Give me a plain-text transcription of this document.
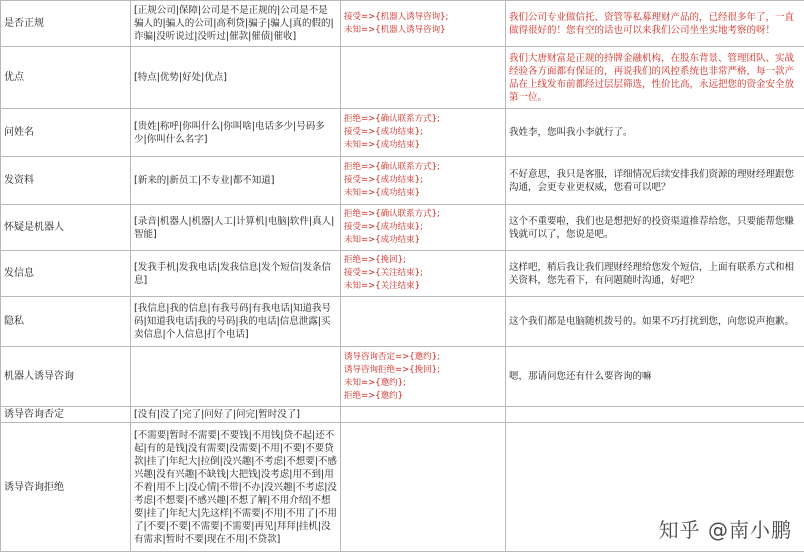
是否正规	[正规公司|保障|公司是不是正规的|公司是不是骗人的|骗人的公司|高利贷|骗子|骗人|真的假的|诈骗|没听说过|没听过|催款|催债|催收]	接受=>{机器人诱导咨询};
未知=>{机器人诱导咨询}	我们公司专业做信托、资管等私募理财产品的，已经很多年了，一直做得很好的！您有空的话也可以来我们公司坐坐实地考察的呀！
优点	[特点|优势|好处|优点]		我们大唐财富是正规的持牌金融机构，在股东背景、管理团队、实战经验各方面都有保证的，再说我们的风控系统也非常严格，每一款产品在上线发布前都经过层层筛选，性价比高，永远把您的资金安全放第一位。
问姓名	[贵姓|称呼|你叫什么|你叫啥|电话多少|号码多少|你叫什么名字]	拒绝=>{确认联系方式};
接受=>{成功结束};
未知=>{成功结束}	我姓李，您叫我小李就行了。
发资料	[新来的|新员工|不专业|都不知道]	拒绝=>{确认联系方式};
接受=>{成功结束};
未知=>{成功结束}	不好意思，我只是客服，详细情况后续安排我们资源的理财经理跟您沟通，会更专业更权威，您看可以吧？
怀疑是机器人	[录音|机器人|机器|人工|计算机|电脑|软件|真人|智能]	拒绝=>{确认联系方式};
接受=>{成功结束};
未知=>{成功结束}	这个不重要啦，我们也是想把好的投资渠道推荐给您，只要能帮您赚钱就可以了，您说是吧。
发信息	[发我手机|发我电话|发我信息|发个短信|发条信息]	拒绝=>{挽回};
接受=>{关注结束};
未知=>{关注结束}	这样吧，稍后我让我们理财经理给您发个短信，上面有联系方式和相关资料，您先看下，有问题随时沟通，好吧？
隐私	[我信息|我的信息|有我号码|有我电话|知道我号码|知道我电话|我的号码|我的电话|信息泄露|买卖信息|个人信息|打个电话]		这个我们都是电脑随机拨号的。如果不巧打扰到您，向您说声抱歉。
机器人诱导咨询		诱导咨询否定=>{邀约};
诱导咨询拒绝=>{挽回};
未知=>{邀约};
拒绝=>{邀约}	嗯，那请问您还有什么要咨询的嘛
诱导咨询否定	[没有|没了|完了|问好了|问完|暂时没了]		
诱导咨询拒绝	[不需要|暂时不需要|不要钱|不用钱|贷不起|还不起|有的是钱|没有需要|没需要|不用|不要|不要贷款|挂了|年纪大|拉倒|没兴趣|不考虑|不想要|不感兴趣|没有兴趣|不缺钱|大把钱|没考虑|用不到|用不着|用不上|没心情|不带|不办|没兴趣|不考虑|没考虑|不想要|不感兴趣|不想了解|不用介绍|不想要|挂了|年纪大|先这样|不需要|不用|不用了|不用了|不要|不要|不需要|不需要|再见|拜拜|挂机|没有需求|暂时不要|现在不用|不贷款]			知乎 @南小鹏
